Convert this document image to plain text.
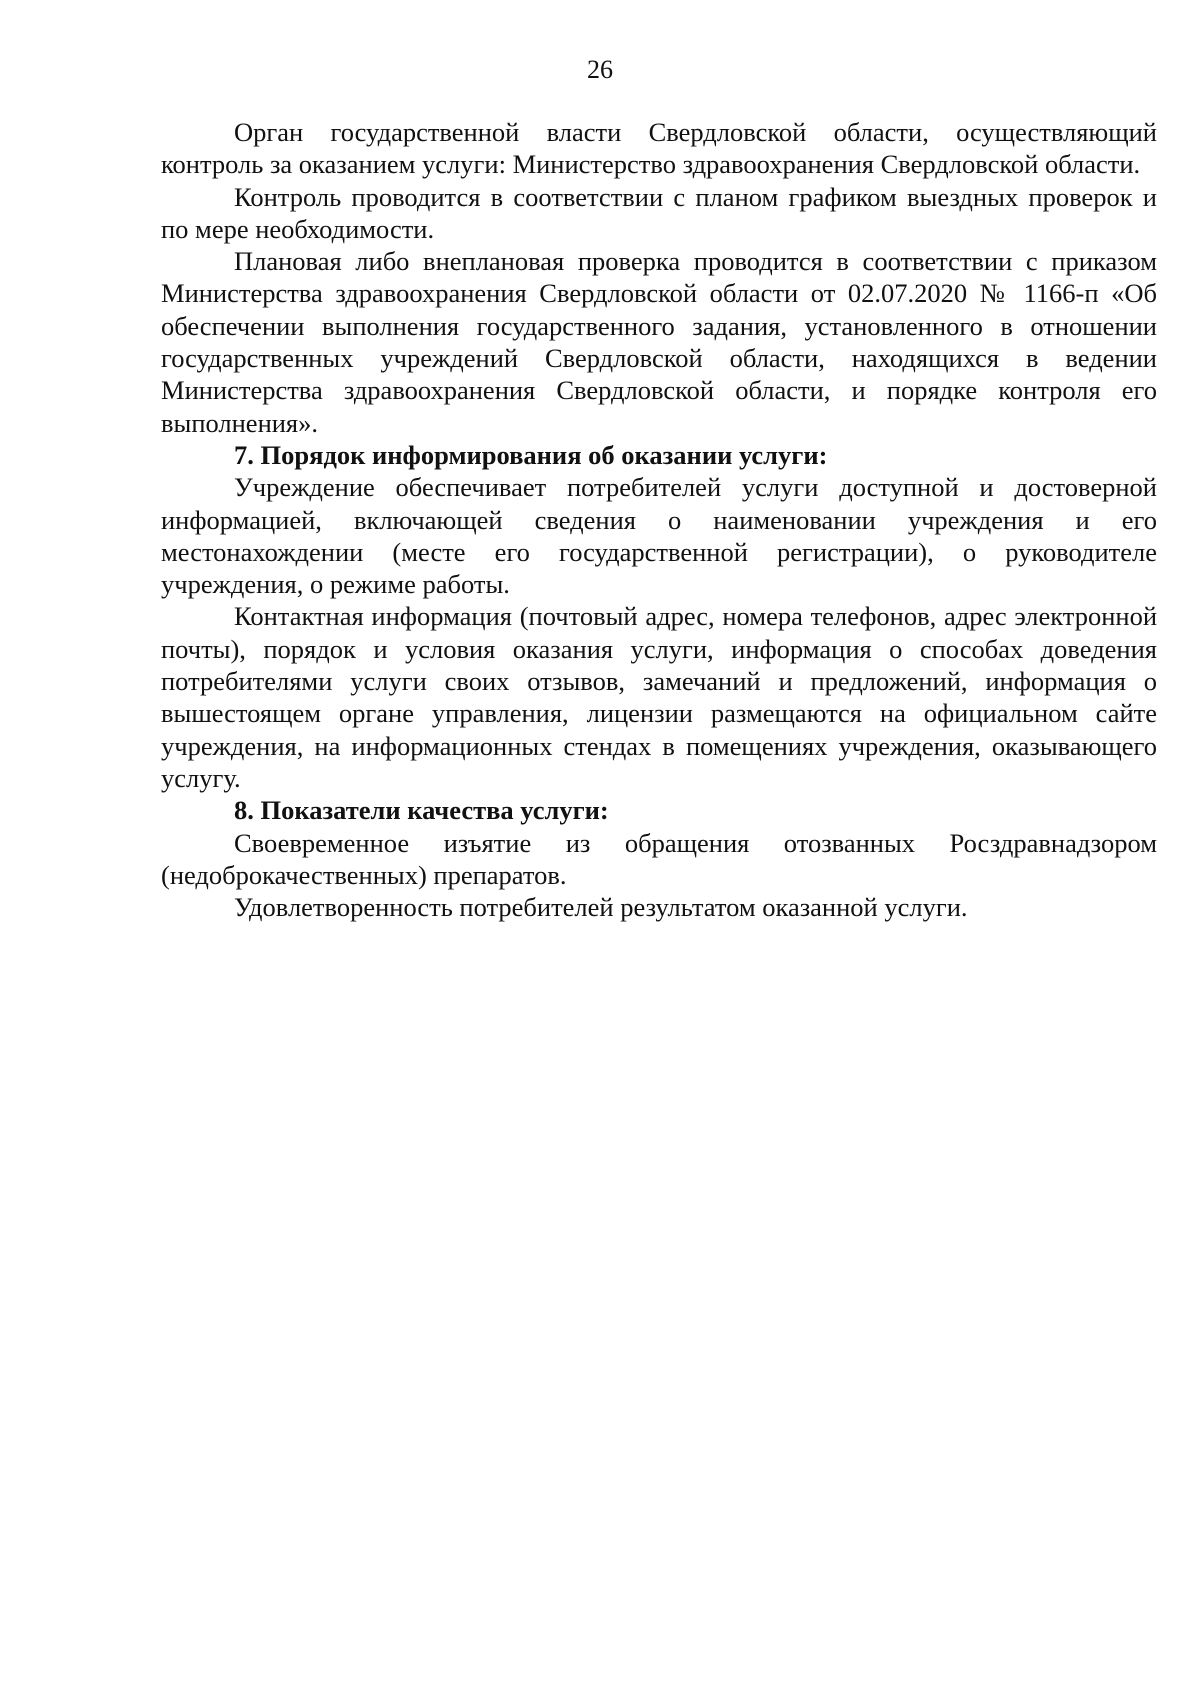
26

Орган государственной власти Свердловской области, осуществляющий контроль за оказанием услуги: Министерство здравоохранения Свердловской области.

Контроль проводится в соответствии с планом графиком выездных проверок и по мере необходимости.

Плановая либо внеплановая проверка проводится в соответствии с приказом Министерства здравоохранения Свердловской области от 02.07.2020 № 1166-п «Об обеспечении выполнения государственного задания, установленного в отношении государственных учреждений Свердловской области, находящихся в ведении Министерства здравоохранения Свердловской области, и порядке контроля его выполнения».

7. Порядок информирования об оказании услуги:

Учреждение обеспечивает потребителей услуги доступной и достоверной информацией, включающей сведения о наименовании учреждения и его местонахождении (месте его государственной регистрации), о руководителе учреждения, о режиме работы.

Контактная информация (почтовый адрес, номера телефонов, адрес электронной почты), порядок и условия оказания услуги, информация о способах доведения потребителями услуги своих отзывов, замечаний и предложений, информация о вышестоящем органе управления, лицензии размещаются на официальном сайте учреждения, на информационных стендах в помещениях учреждения, оказывающего услугу.

8. Показатели качества услуги:

Своевременное изъятие из обращения отозванных Росздравнадзором (недоброкачественных) препаратов.

Удовлетворенность потребителей результатом оказанной услуги.
